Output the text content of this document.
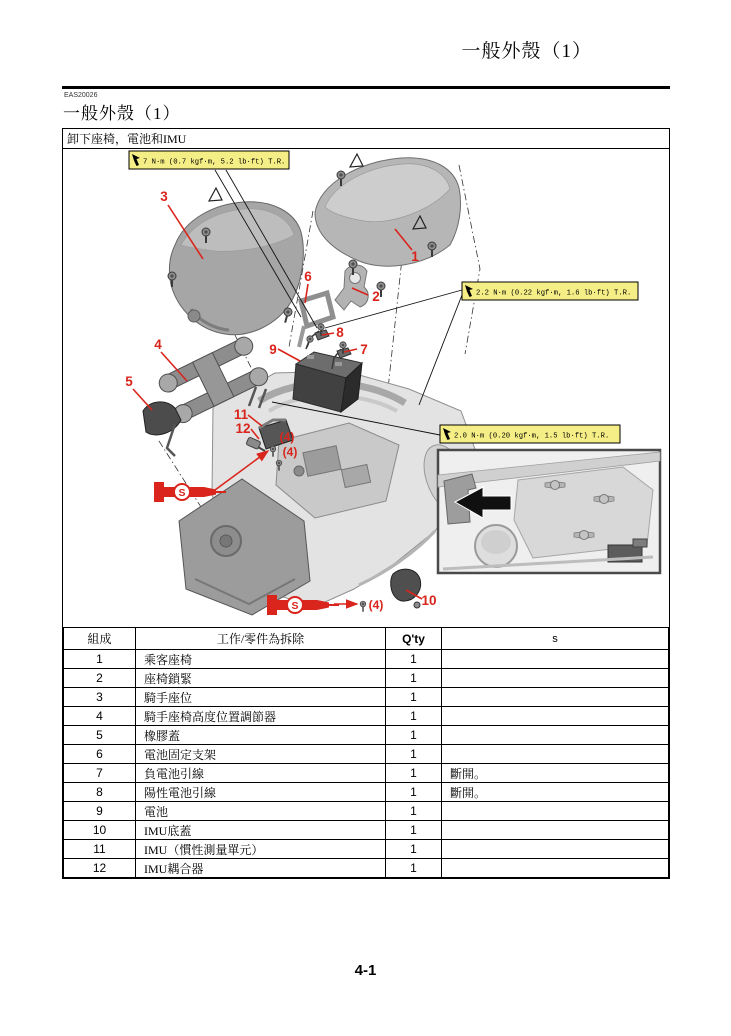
一般外殼（1）
EAS20026
一般外殼（1）
卸下座椅，電池和IMU
S	7 N·m (0.7 kgf·m, 5.2 lb·ft) T.R.
2.2 N·m (0.22 kgf·m, 1.6 lb·ft) T.R.
2.0 N·m (0.20 kgf·m, 1.5 lb·ft) T.R.
1
2
3
4
5
6
7
8
9
10
11
12
(4)
(4)
(4)
組成	工作/零件為拆除	Q'ty	s
1	乘客座椅	1	
2	座椅鎖緊	1	
3	騎手座位	1	
4	騎手座椅高度位置調節器	1	
5	橡膠蓋	1	
6	電池固定支架	1	
7	負電池引線	1	斷開。
8	陽性電池引線	1	斷開。
9	電池	1	
10	IMU底蓋	1	
11	IMU（慣性測量單元）	1	
12	IMU耦合器	1	
4-1
